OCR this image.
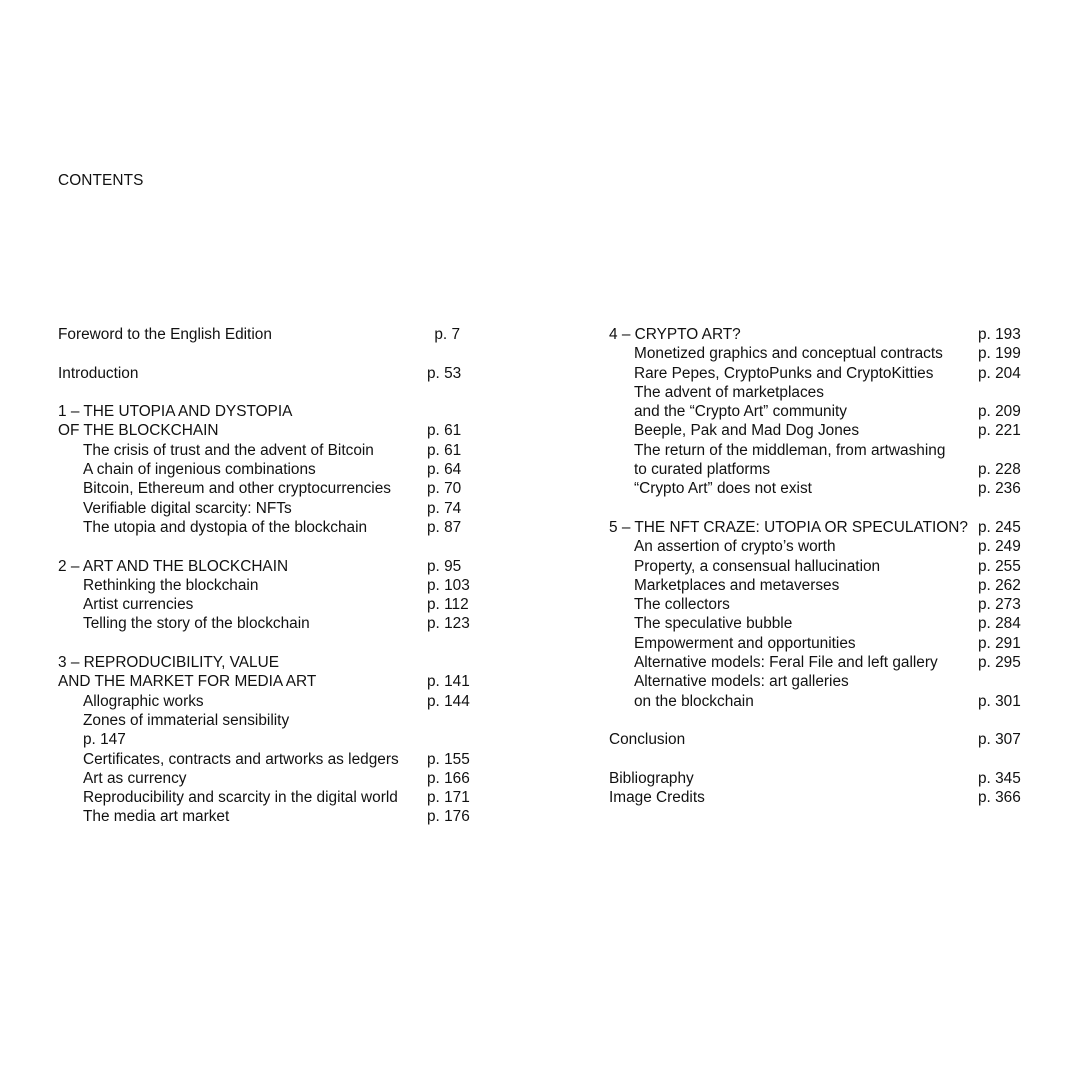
CONTENTS
Foreword to the English Edition	p. 7
Introduction	p. 53
1 – THE UTOPIA AND DYSTOPIA
OF THE BLOCKCHAIN	p. 61
The crisis of trust and the advent of Bitcoin	p. 61
A chain of ingenious combinations	p. 64
Bitcoin, Ethereum and other cryptocurrencies p. 70
Verifiable digital scarcity: NFTs	p. 74
The utopia and dystopia of the blockchain	p. 87
2 – ART AND THE BLOCKCHAIN	p. 95
Rethinking the blockchain	p. 103
Artist currencies	p. 112
Telling the story of the blockchain	p. 123
3 – REPRODUCIBILITY, VALUE
AND THE MARKET FOR MEDIA ART	p. 141
Allographic works	p. 144
Zones of immaterial sensibility
p. 147
Certificates, contracts and artworks as ledgers p. 155
Art as currency	p. 166
Reproducibility and scarcity in the digital world p. 171
The media art market	p. 176
4 – CRYPTO ART?	p. 193
Monetized graphics and conceptual contracts p. 199
Rare Pepes, CryptoPunks and CryptoKitties	p. 204
The advent of marketplaces
and the “Crypto Art” community	p. 209
Beeple, Pak and Mad Dog Jones	p. 221
The return of the middleman, from artwashing
to curated platforms	p. 228
“Crypto Art” does not exist	p. 236
5 – THE NFT CRAZE: UTOPIA OR SPECULATION? p. 245
An assertion of crypto’s worth	p. 249
Property, a consensual hallucination	p. 255
Marketplaces and metaverses	p. 262
The collectors	p. 273
The speculative bubble	p. 284
Empowerment and opportunities	p. 291
Alternative models: Feral File and left gallery	p. 295
Alternative models: art galleries
on the blockchain	p. 301
Conclusion	p. 307
Bibliography	p. 345
Image Credits	p. 366
